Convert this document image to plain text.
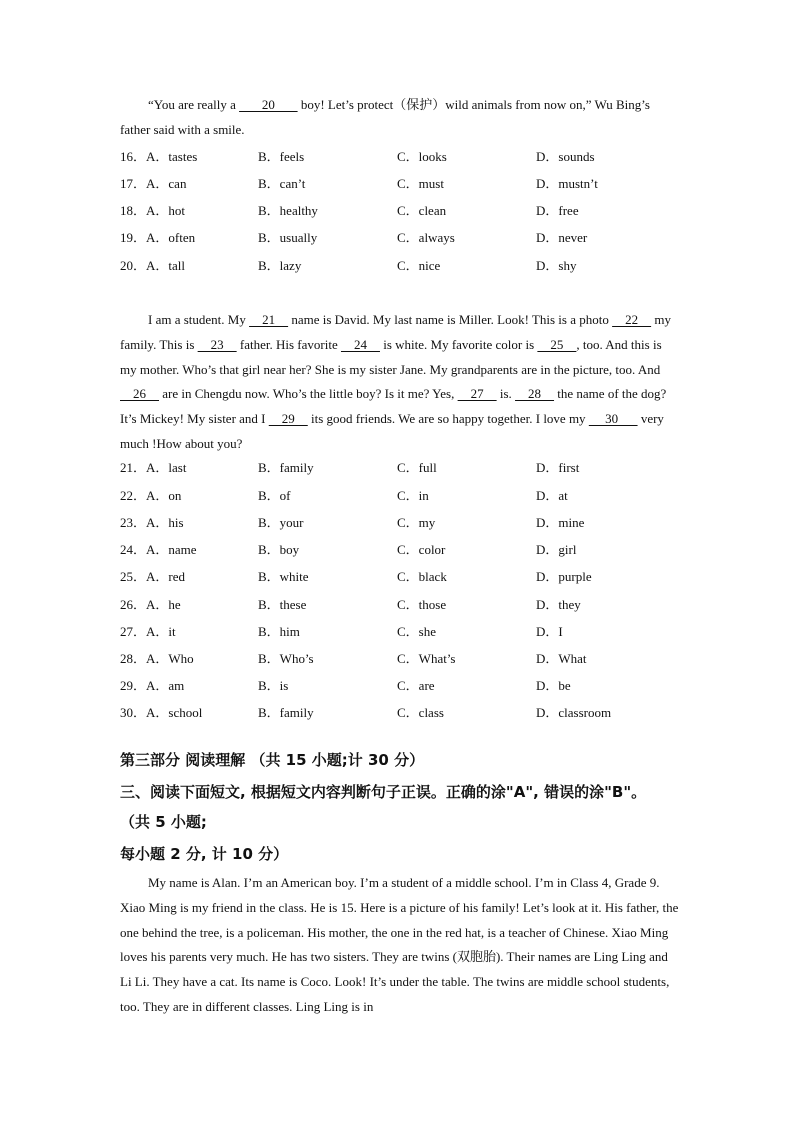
“You are really a        20        boy! Let’s protect（保护）wild animals from now on,” Wu Bing’s father said with a smile.
16．A．tastes	B．feels	C．looks	D．sounds
17．A．can	B．can’t	C．must	D．mustn’t
18．A．hot	B．healthy	C．clean	D．free
19．A．often	B．usually	C．always	D．never
20．A．tall	B．lazy	C．nice	D．shy
I am a student. My     21     name is David. My last name is Miller. Look! This is a photo     22     my family. This is     23     father. His favorite     24     is white. My favorite color is     25    , too. And this is my mother. Who’s that girl near her? She is my sister Jane. My grandparents are in the picture, too. And     26     are in Chengdu now. Who’s the little boy? Is it me? Yes,     27     is.     28     the name of the dog? It’s Mickey! My sister and I     29     its good friends. We are so happy together. I love my      30       very much !How about you?
21．A．last	B．family	C．full	D．first
22．A．on	B．of	C．in	D．at
23．A．his	B．your	C．my	D．mine
24．A．name	B．boy	C．color	D．girl
25．A．red	B．white	C．black	D．purple
26．A．he	B．these	C．those	D．they
27．A．it	B．him	C．she	D．I
28．A．Who	B．Who’s	C．What’s	D．What
29．A．am	B．is	C．are	D．be
30．A．school	B．family	C．class	D．classroom
第三部分 阅读理解 （共 15 小题;计 30 分）
三、阅读下面短文, 根据短文内容判断句子正误。正确的涂"A", 错误的涂"B"。
（共 5 小题;
每小题 2 分, 计 10 分）
My name is Alan. I’m an American boy. I’m a student of a middle school. I’m in Class 4, Grade 9. Xiao Ming is my friend in the class. He is 15. Here is a picture of his family! Let’s look at it. His father, the one behind the tree, is a policeman. His mother, the one in the red hat, is a teacher of Chinese. Xiao Ming loves his parents very much. He has two sisters. They are twins (双胞胎). Their names are Ling Ling and Li Li. They have a cat. Its name is Coco. Look! It’s under the table. The twins are middle school students, too. They are in different classes. Ling Ling is in
